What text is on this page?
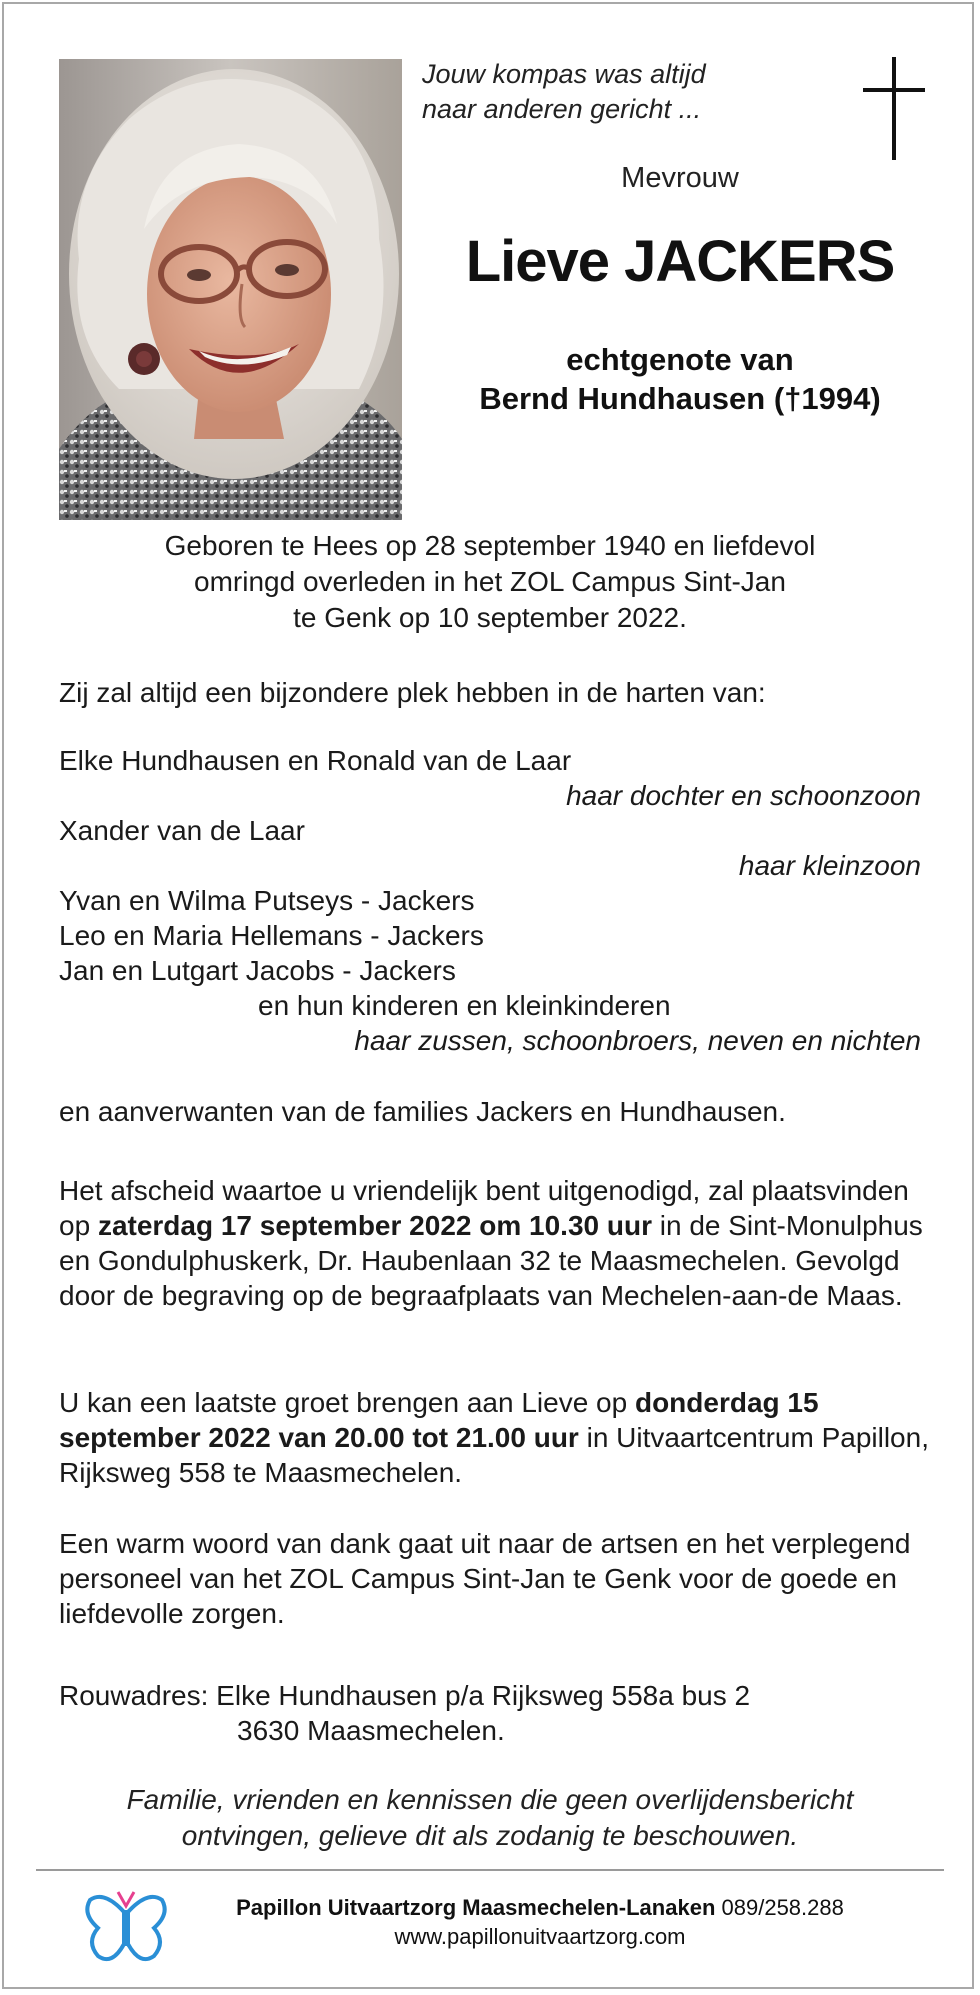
Jouw kompas was altijd
naar anderen gericht ...
Mevrouw
Lieve JACKERS
echtgenote van
Bernd Hundhausen (†1994)
Geboren te Hees op 28 september 1940 en liefdevol
omringd overleden in het ZOL Campus Sint-Jan
te Genk op 10 september 2022.
Zij zal altijd een bijzondere plek hebben in de harten van:
Elke Hundhausen en Ronald van de Laar
haar dochter en schoonzoon
Xander van de Laar
haar kleinzoon
Yvan en Wilma Putseys - Jackers
Leo en Maria Hellemans - Jackers
Jan en Lutgart Jacobs - Jackers
en hun kinderen en kleinkinderen
haar zussen, schoonbroers, neven en nichten
en aanverwanten van de families Jackers en Hundhausen.
Het afscheid waartoe u vriendelijk bent uitgenodigd, zal plaatsvinden op zaterdag 17 september 2022 om 10.30 uur in de Sint-Monulphus en Gondulphuskerk, Dr. Haubenlaan 32 te Maasmechelen. Gevolgd door de begraving op de begraafplaats van Mechelen-aan-de Maas.
U kan een laatste groet brengen aan Lieve op donderdag 15 september 2022 van 20.00 tot 21.00 uur in Uitvaartcentrum Papillon, Rijksweg 558 te Maasmechelen.
Een warm woord van dank gaat uit naar de artsen en het verplegend personeel van het ZOL Campus Sint-Jan te Genk voor de goede en liefdevolle zorgen.
Rouwadres: Elke Hundhausen p/a Rijksweg 558a bus 2
3630 Maasmechelen.
Familie, vrienden en kennissen die geen overlijdensbericht
ontvingen, gelieve dit als zodanig te beschouwen.
Papillon Uitvaartzorg Maasmechelen-Lanaken 089/258.288
www.papillonuitvaartzorg.com
